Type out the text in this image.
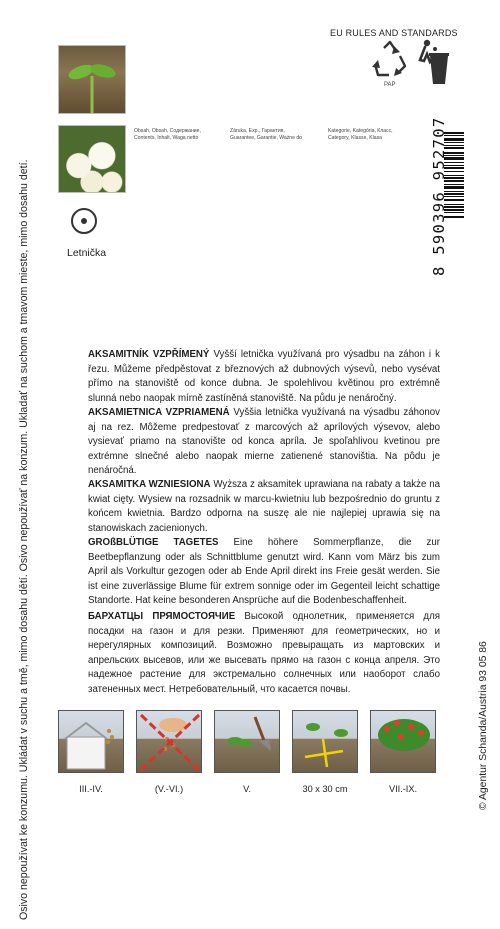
Osivo nepoužívat ke konzumu. Ukládat v suchu a tmě, mimo dosahu dětí. Osivo nepoužívať na konzum. Ukladať na suchom a tmavom mieste, mimo dosahu detí.	© Agentur Schanda/Austria 93 05 86
EU RULES AND STANDARDS
PAP
Letnička
Obsah, Obsah, Содержание,
Contents, Inhalt, Waga netto
Záruka, Exp., Гарантия,
Guarantee, Garantie, Ważne do
Kategorie, Kategória, Класс,
Category, Klasse, Klasa	8 590396 952707
AKSAMITNÍK VZPŘÍMENÝ Vyšší letnička využívaná pro výsadbu na záhon i k řezu. Můžeme předpěstovat z březnových až dubnových výsevů, nebo vysévat přímo na stanoviště od konce dubna. Je spolehlivou květinou pro extrémně slunná nebo naopak mírně zastíněná stanoviště. Na půdu je nenáročný.
AKSAMIETNICA VZPRIAMENÁ Vyššia letnička využívaná na výsadbu záhonov aj na rez. Môžeme predpestovať z marcových až aprílových výsevov, alebo vysievať priamo na stanovište od konca apríla. Je spoľahlivou kvetinou pre extrémne slnečné alebo naopak mierne zatienené stanovištia. Na pôdu je nenáročná.
AKSAMITKA WZNIESIONA Wyższa z aksamitek uprawiana na rabaty a także na kwiat cięty. Wysiew na rozsadnik w marcu-kwietniu lub bezpośrednio do gruntu z końcem kwietnia. Bardzo odporna na suszę ale nie najlepiej uprawia się na stanowiskach zacienionych.
GROßBLÜTIGE TAGETES Eine höhere Sommerpflanze, die zur Beetbepflanzung oder als Schnittblume genutzt wird. Kann vom März bis zum April als Vorkultur gezogen oder ab Ende April direkt ins Freie gesät werden. Sie ist eine zuverlässige Blume für extrem sonnige oder im Gegenteil leicht schattige Standorte. Hat keine besonderen Ansprüche auf die Bodenbeschaffenheit.
БАРХАТЦЫ ПРЯМОСТОЯЧИЕ Высокой однолетник, применяется для посадки на газон и для резки. Применяют для геометрических, но и нерегулярных композиций. Возможно превыращать из мартовских и апрельских высевов, или же высевать прямо на газон с конца апреля. Это надежное растение для экстремально солнечных или наоборот слабо затененных мест. Нетребовательный, что касается почвы.
III.-IV.	(V.-VI.)	V.	30 x 30 cm	VII.-IX.
